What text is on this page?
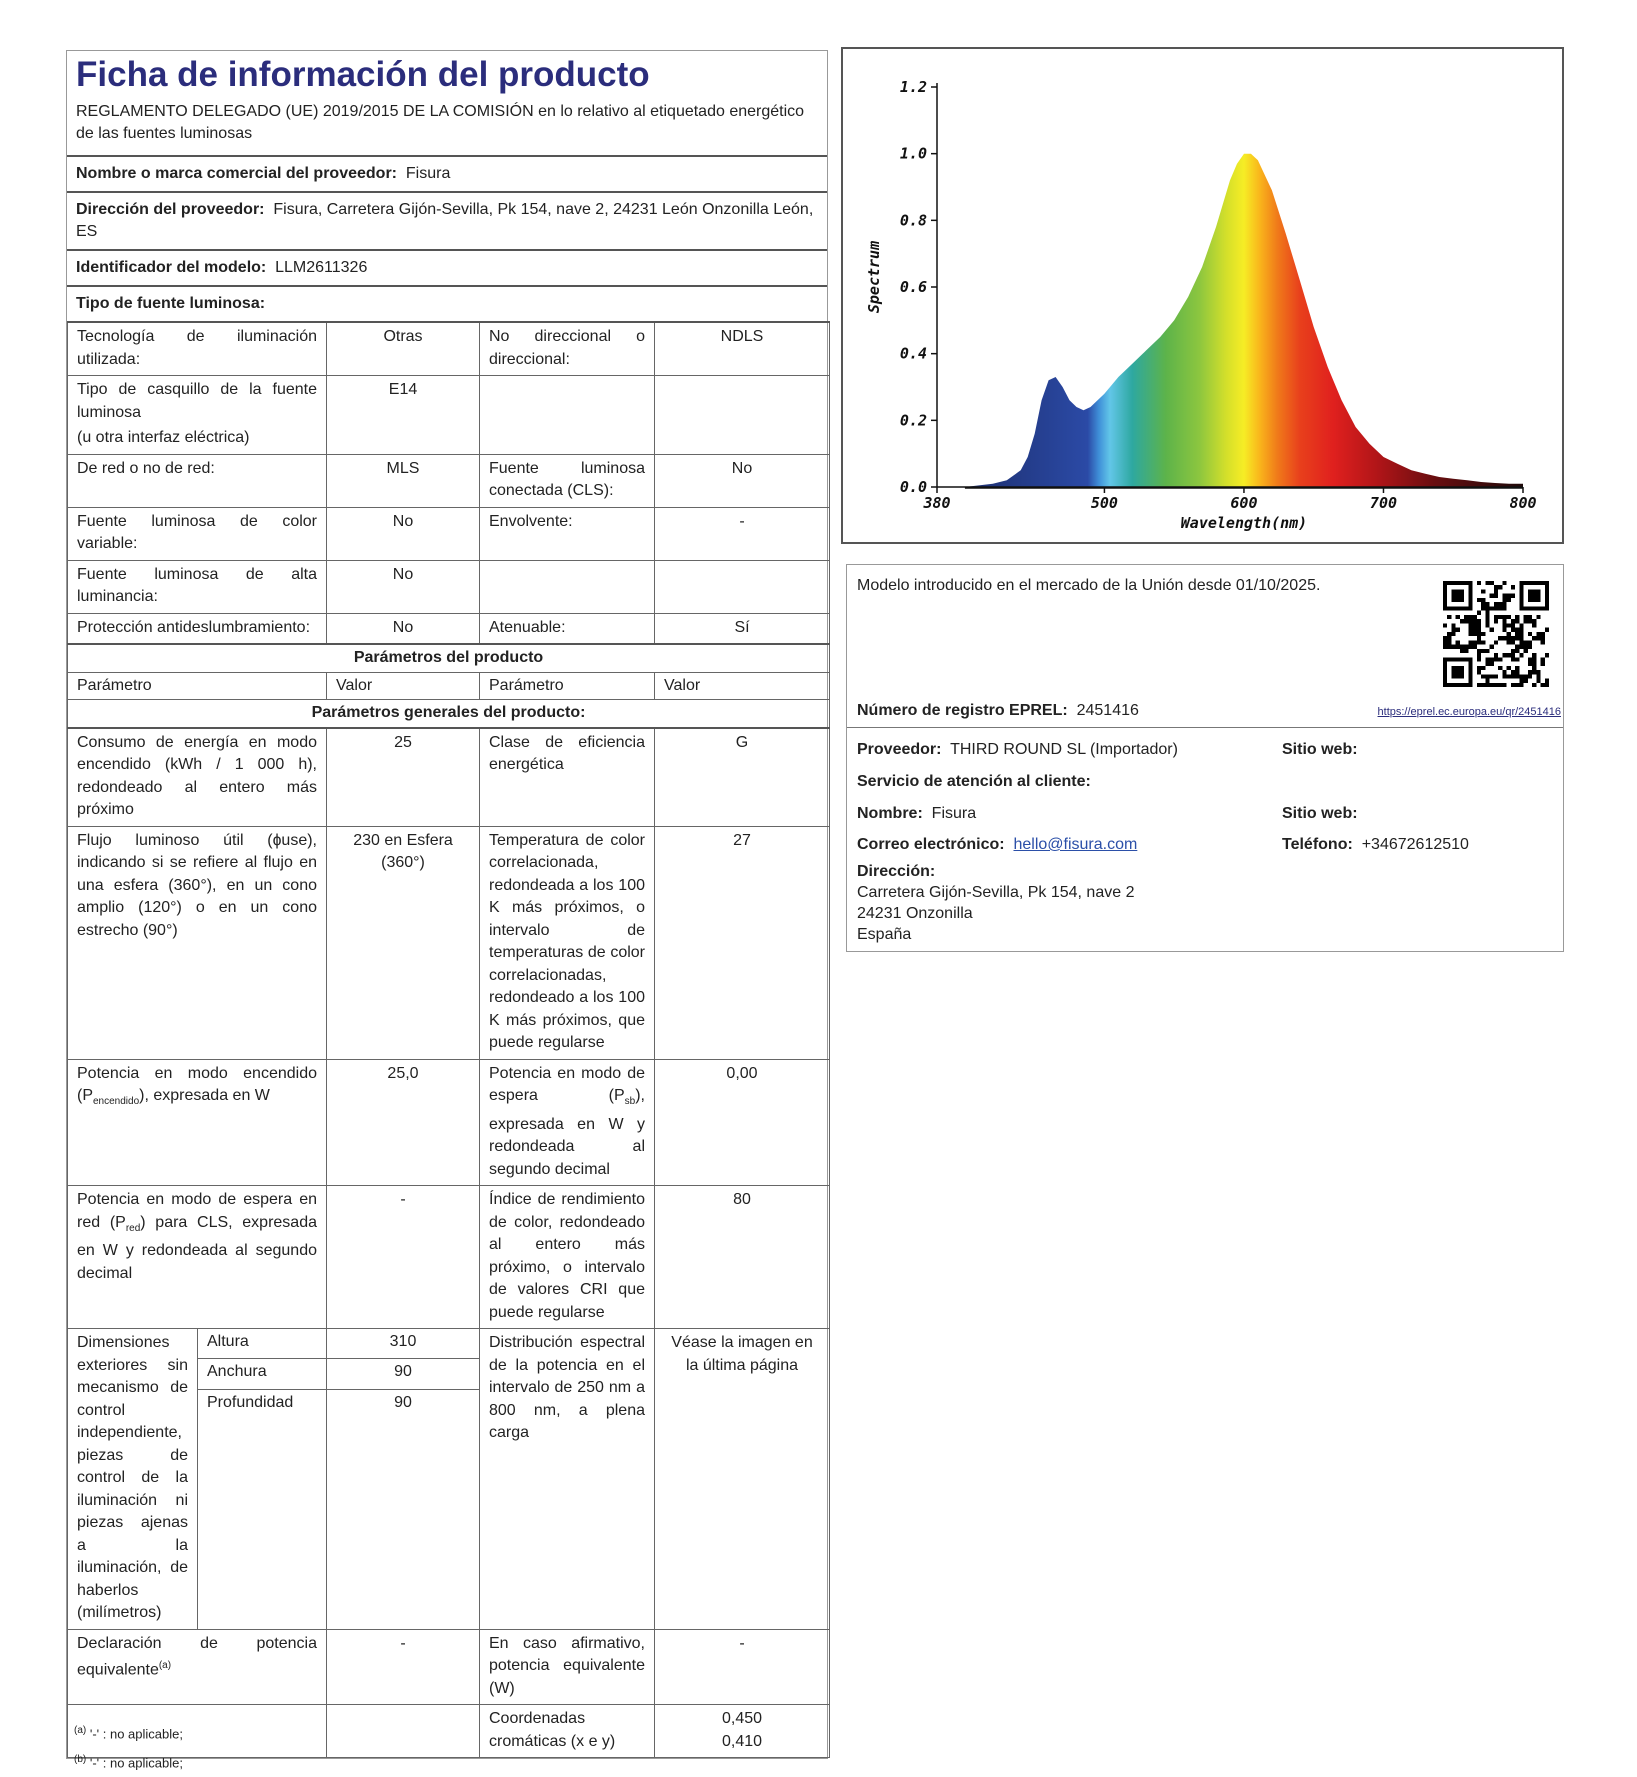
Ficha de información del producto
REGLAMENTO DELEGADO (UE) 2019/2015 DE LA COMISIÓN en lo relativo al etiquetado energético de las fuentes luminosas
Nombre o marca comercial del proveedor: Fisura
Dirección del proveedor: Fisura, Carretera Gijón-Sevilla, Pk 154, nave 2, 24231 León Onzonilla León, ES
Identificador del modelo: LLM2611326
Tipo de fuente luminosa:
Tecnología de iluminación utilizada:		Otras	No direccional o direccional:	NDLS

Tipo de casquillo de la fuente luminosa
(u otra interfaz eléctrica)		E14		
De red o no de red:		MLS	Fuente luminosa conectada (CLS):	No
Fuente luminosa de color variable:		No	Envolvente:	-
Fuente luminosa de alta luminancia:		No		
Protección antideslumbramiento:		No	Atenuable:	Sí
Parámetros del producto				
Parámetro		Valor	Parámetro	Valor
Parámetros generales del producto:				
Consumo de energía en modo encendido (kWh / 1 000 h), redondeado al entero más próximo		25	Clase de eficiencia energética	G
Flujo luminoso útil (ɸuse), indicando si se refiere al flujo en una esfera (360°), en un cono amplio (120°) o en un cono estrecho (90°)		230 en Esfera (360°)	Temperatura de color correlacionada, redondeada a los 100 K más próximos, o intervalo de temperaturas de color correlacionadas, redondeado a los 100 K más próximos, que puede regularse	27
Potencia en modo encendido $(P_{encendido})$, expresada en W		25,0	Potencia en modo de espera $(P_{sb})$, expresada en W y redondeada al segundo decimal	0,00
Potencia en modo de espera en red $(P_{red})$ para CLS, expresada en W y redondeada al segundo decimal		-	Índice de rendimiento de color, redondeado al entero más próximo, o intervalo de valores CRI que puede regularse	80
Dimensiones exteriores sin mecanismo de control independiente, piezas de control de la iluminación ni piezas ajenas a la iluminación, de haberlos (milímetros)	Altura	310	Distribución espectral de la potencia en el intervalo de 250 nm a 800 nm, a plena carga	Véase la imagen en la última página
	Anchura	90		
	Profundidad	90		
Declaración de potencia equivalente$^{(a)}$		-	En caso afirmativo, potencia equivalente (W)	-
			Coordenadas cromáticas (x e y)	0,450
0,410
$^{(a)}$ '-' : no aplicable;
$^{(b)}$ '-' : no aplicable;
0.0
0.2
0.4
0.6
0.8
1.0
1.2
380	500	600	700	800
Wavelength(nm)
Spectrum
Modelo introducido en el mercado de la Unión desde 01/10/2025.
Número de registro EPREL: 2451416	https://eprel.ec.europa.eu/qr/2451416
Proveedor: THIRD ROUND SL (Importador)	Sitio web:
Servicio de atención al cliente:
Nombre: Fisura	Sitio web:
Correo electrónico: hello@fisura.com	Teléfono: +34672612510
Dirección:
Carretera Gijón-Sevilla, Pk 154, nave 2
24231 Onzonilla
España
